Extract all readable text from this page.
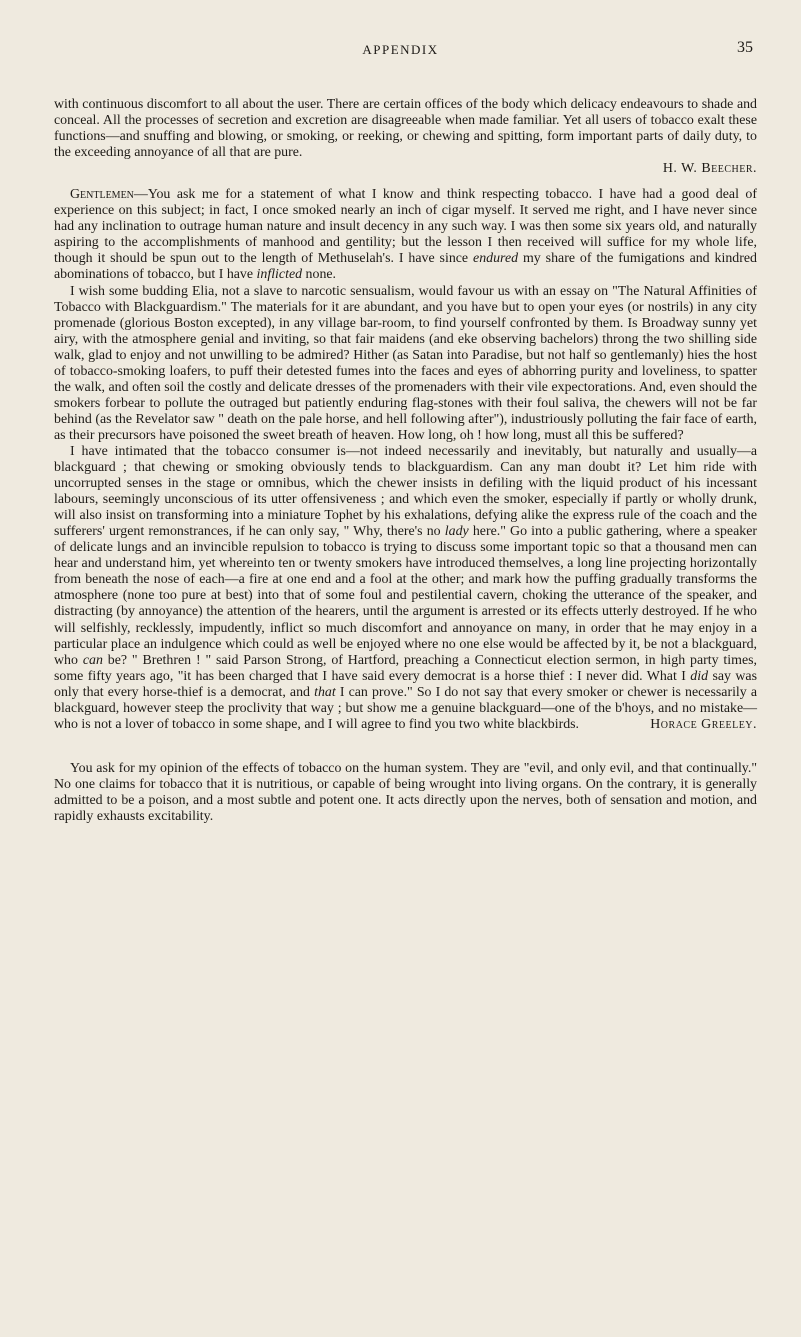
APPENDIX	35

with continuous discomfort to all about the user. There are certain offices of the body which delicacy endeavours to shade and conceal. All the processes of secretion and excretion are disagreeable when made familiar. Yet all users of tobacco exalt these functions—and snuffing and blowing, or smoking, or reeking, or chewing and spitting, form important parts of daily duty, to the exceeding annoyance of all that are pure.

H. W. Beecher.

Gentlemen—You ask me for a statement of what I know and think respecting tobacco. I have had a good deal of experience on this subject; in fact, I once smoked nearly an inch of cigar myself. It served me right, and I have never since had any inclination to outrage human nature and insult decency in any such way. I was then some six years old, and naturally aspiring to the accomplishments of manhood and gentility; but the lesson I then received will suffice for my whole life, though it should be spun out to the length of Methuselah's. I have since endured my share of the fumigations and kindred abominations of tobacco, but I have inflicted none.

I wish some budding Elia, not a slave to narcotic sensualism, would favour us with an essay on "The Natural Affinities of Tobacco with Blackguardism." The materials for it are abundant, and you have but to open your eyes (or nostrils) in any city promenade (glorious Boston excepted), in any village bar-room, to find yourself confronted by them. Is Broadway sunny yet airy, with the atmosphere genial and inviting, so that fair maidens (and eke observing bachelors) throng the two shilling side walk, glad to enjoy and not unwilling to be admired? Hither (as Satan into Paradise, but not half so gentlemanly) hies the host of tobacco-smoking loafers, to puff their detested fumes into the faces and eyes of abhorring purity and loveliness, to spatter the walk, and often soil the costly and delicate dresses of the promenaders with their vile expectorations. And, even should the smokers forbear to pollute the outraged but patiently enduring flag-stones with their foul saliva, the chewers will not be far behind (as the Revelator saw " death on the pale horse, and hell following after"), industriously polluting the fair face of earth, as their precursors have poisoned the sweet breath of heaven. How long, oh ! how long, must all this be suffered?

I have intimated that the tobacco consumer is—not indeed necessarily and inevitably, but naturally and usually—a blackguard ; that chewing or smoking obviously tends to blackguardism. Can any man doubt it? Let him ride with uncorrupted senses in the stage or omnibus, which the chewer insists in defiling with the liquid product of his incessant labours, seemingly unconscious of its utter offensiveness ; and which even the smoker, especially if partly or wholly drunk, will also insist on transforming into a miniature Tophet by his exhalations, defying alike the express rule of the coach and the sufferers' urgent remonstrances, if he can only say, " Why, there's no lady here." Go into a public gathering, where a speaker of delicate lungs and an invincible repulsion to tobacco is trying to discuss some important topic so that a thousand men can hear and understand him, yet whereinto ten or twenty smokers have introduced themselves, a long line projecting horizontally from beneath the nose of each—a fire at one end and a fool at the other; and mark how the puffing gradually transforms the atmosphere (none too pure at best) into that of some foul and pestilential cavern, choking the utterance of the speaker, and distracting (by annoyance) the attention of the hearers, until the argument is arrested or its effects utterly destroyed. If he who will selfishly, recklessly, impudently, inflict so much discomfort and annoyance on many, in order that he may enjoy in a particular place an indulgence which could as well be enjoyed where no one else would be affected by it, be not a blackguard, who can be? " Brethren ! " said Parson Strong, of Hartford, preaching a Connecticut election sermon, in high party times, some fifty years ago, "it has been charged that I have said every democrat is a horse thief : I never did. What I did say was only that every horse-thief is a democrat, and that I can prove." So I do not say that every smoker or chewer is necessarily a blackguard, however steep the proclivity that way ; but show me a genuine blackguard—one of the b'hoys, and no mistake—who is not a lover of tobacco in some shape, and I will agree to find you two white blackbirds.	Horace Greeley.

You ask for my opinion of the effects of tobacco on the human system. They are "evil, and only evil, and that continually." No one claims for tobacco that it is nutritious, or capable of being wrought into living organs. On the contrary, it is generally admitted to be a poison, and a most subtle and potent one. It acts directly upon the nerves, both of sensation and motion, and rapidly exhausts excitability.
